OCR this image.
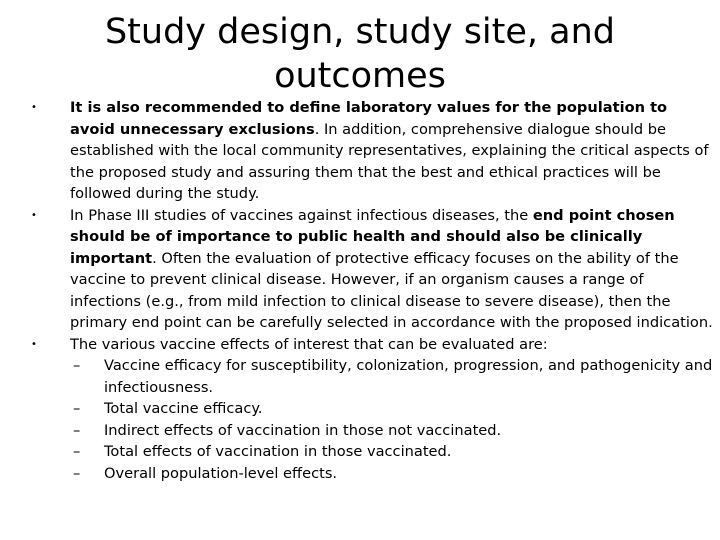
Study design, study site, and outcomes

• It is also recommended to define laboratory values for the population to avoid unnecessary exclusions. In addition, comprehensive dialogue should be established with the local community representatives, explaining the critical aspects of the proposed study and assuring them that the best and ethical practices will be followed during the study.

• In Phase III studies of vaccines against infectious diseases, the end point chosen should be of importance to public health and should also be clinically important. Often the evaluation of protective efficacy focuses on the ability of the vaccine to prevent clinical disease. However, if an organism causes a range of infections (e.g., from mild infection to clinical disease to severe disease), then the primary end point can be carefully selected in accordance with the proposed indication.

• The various vaccine effects of interest that can be evaluated are:

– Vaccine efficacy for susceptibility, colonization, progression, and pathogenicity and infectiousness.

– Total vaccine efficacy.

– Indirect effects of vaccination in those not vaccinated.

– Total effects of vaccination in those vaccinated.

– Overall population-level effects.
